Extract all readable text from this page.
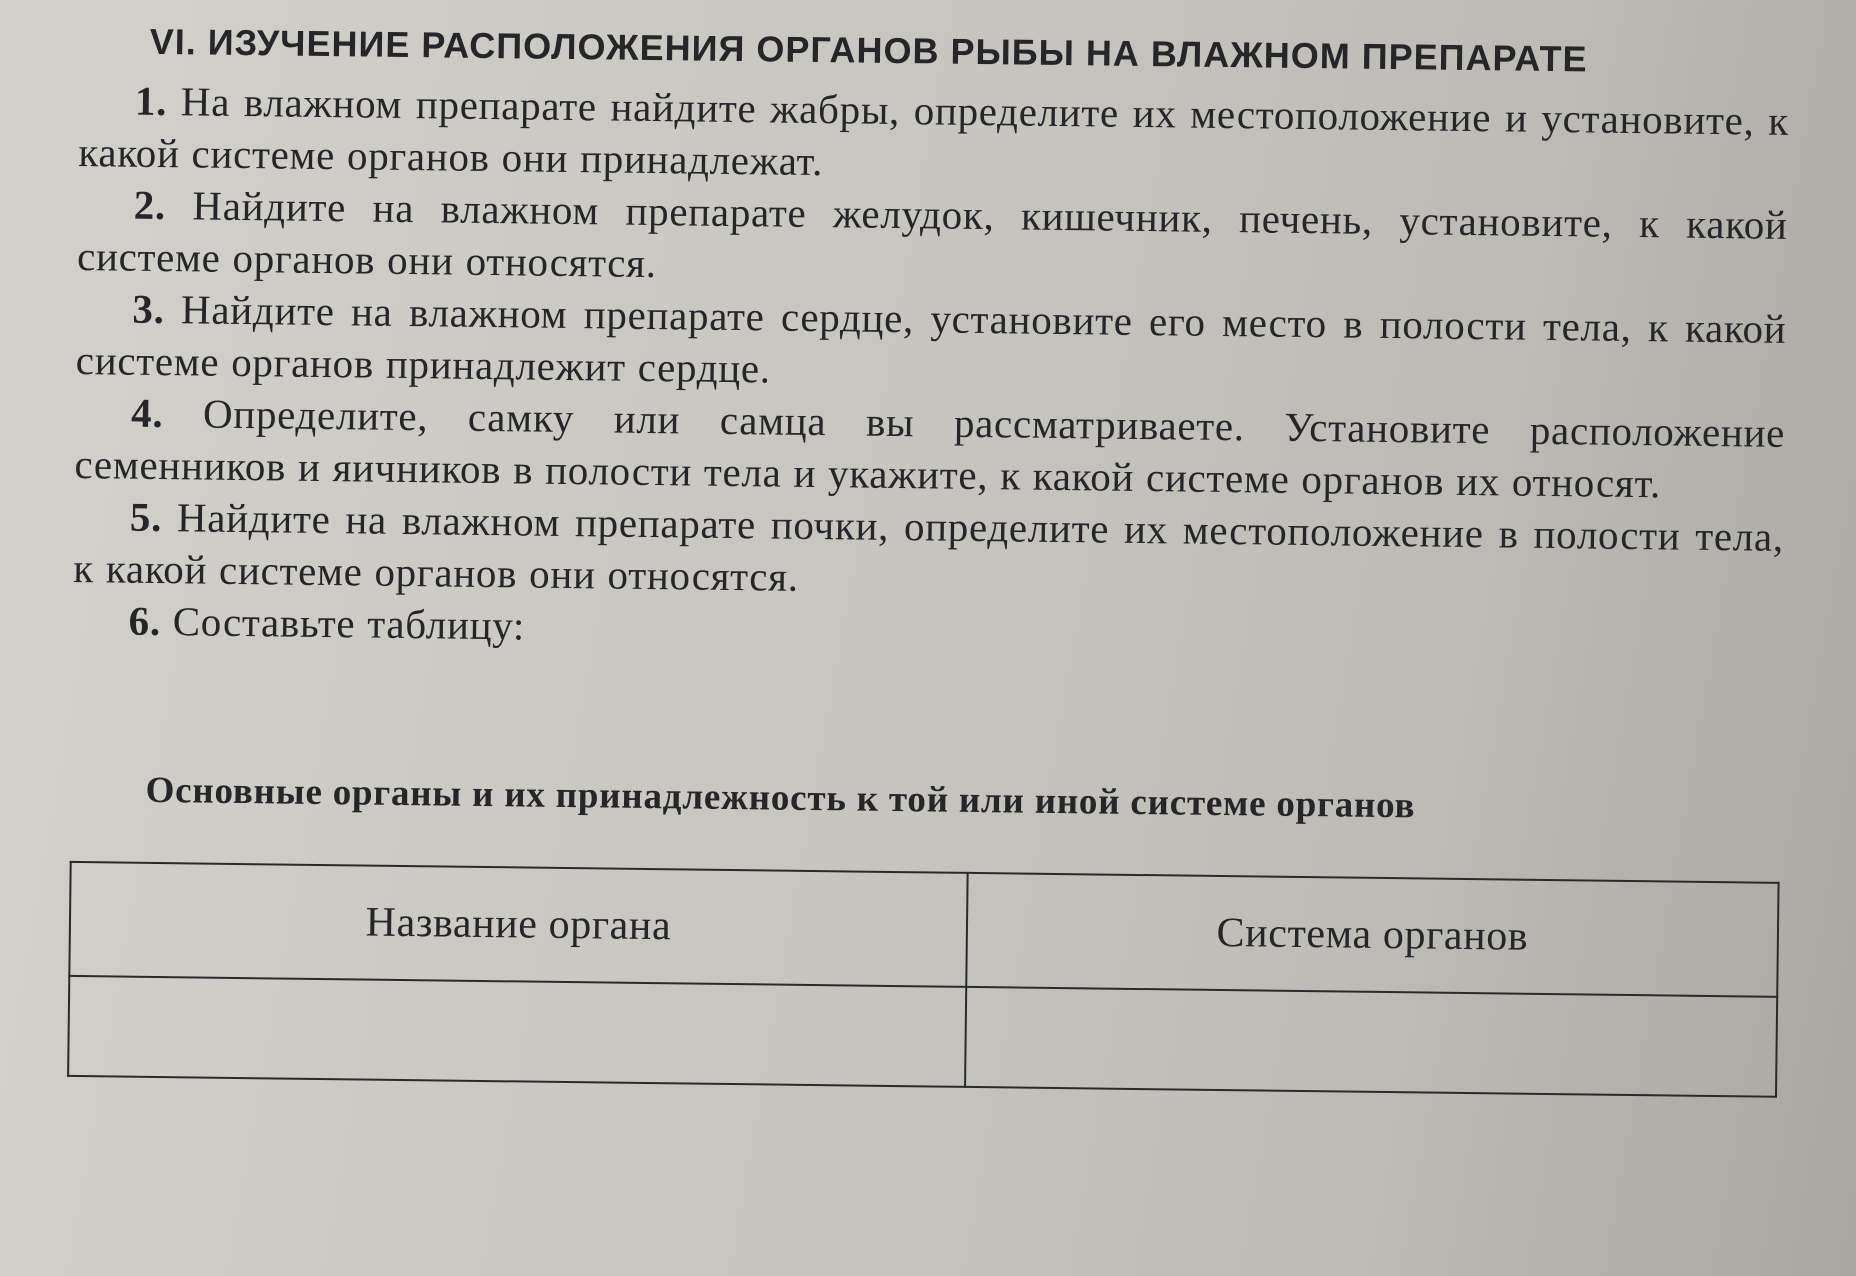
VI. ИЗУЧЕНИЕ РАСПОЛОЖЕНИЯ ОРГАНОВ РЫБЫ НА ВЛАЖНОМ ПРЕПАРАТЕ
1. На влажном препарате найдите жабры, определите их местоположение и установите, к какой системе органов они принадлежат.
2. Найдите на влажном препарате желудок, кишечник, печень, установите, к какой системе органов они относятся.
3. Найдите на влажном препарате сердце, установите его место в полости тела, к какой системе органов принадлежит сердце.
4. Определите, самку или самца вы рассматриваете. Установите расположение семенников и яичников в полости тела и укажите, к какой системе органов их относят.
5. Найдите на влажном препарате почки, определите их местоположение в полости тела, к какой системе органов они относятся.
6. Составьте таблицу:
Основные органы и их принадлежность к той или иной системе органов
Название органа	Система органов
